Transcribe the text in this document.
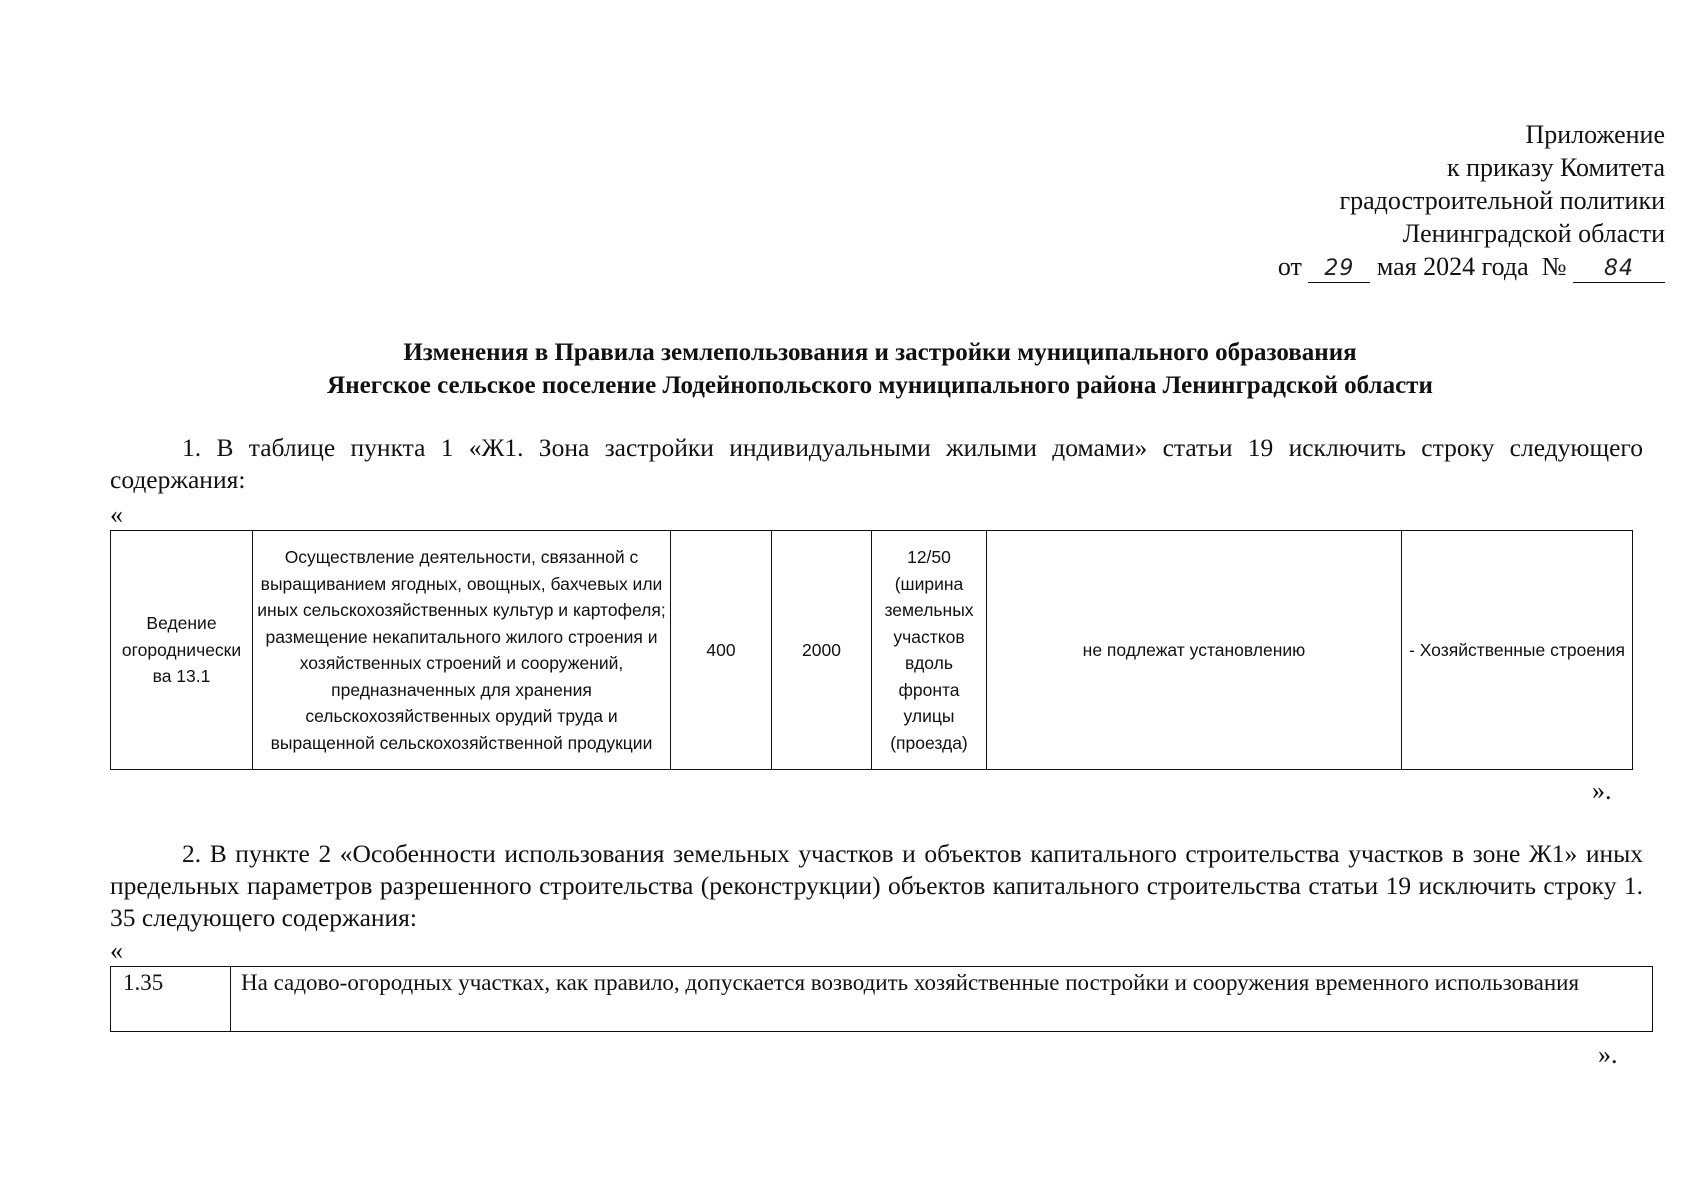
Приложение
к приказу Комитета
градостроительной политики
Ленинградской области
от 29 мая 2024 года № 84
Изменения в Правила землепользования и застройки муниципального образования
Янегское сельское поселение Лодейнопольского муниципального района Ленинградской области

1. В таблице пункта 1 «Ж1. Зона застройки индивидуальными жилыми домами» статьи 19 исключить строку следующего содержания:

«
Ведение огороднически ва 13.1	Осуществление деятельности, связанной с выращиванием ягодных, овощных, бахчевых или иных сельскохозяйственных культур и картофеля; размещение некапитального жилого строения и хозяйственных строений и сооружений, предназначенных для хранения сельскохозяйственных орудий труда и выращенной сельскохозяйственной продукции	400	2000	12/50 (ширина земельных участков вдоль фронта улицы (проезда)	не подлежат установлению	- Хозяйственные строения
».

2. В пункте 2 «Особенности использования земельных участков и объектов капитального строительства участков в зоне Ж1» иных предельных параметров разрешенного строительства (реконструкции) объектов капитального строительства статьи 19 исключить строку 1. 35 следующего содержания:

«
1.35	На садово-огородных участках, как правило, допускается возводить хозяйственные постройки и сооружения временного использования
».
